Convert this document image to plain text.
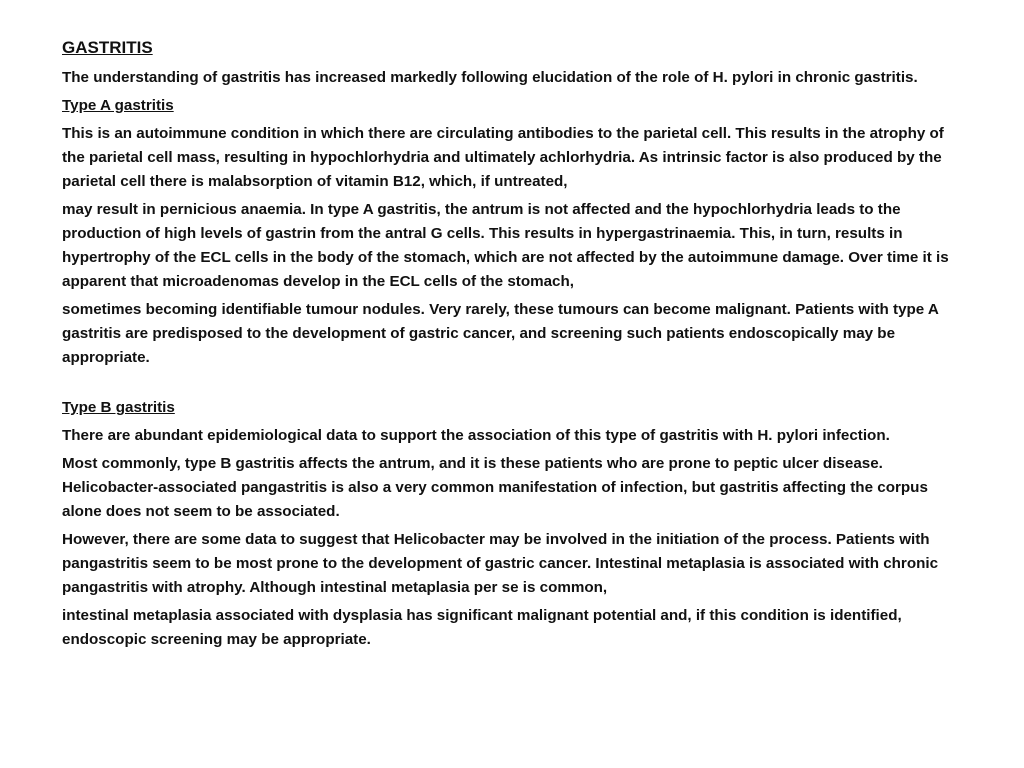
GASTRITIS

The understanding of gastritis has increased markedly following elucidation of the role of H. pylori in chronic gastritis.

Type A gastritis

This is an autoimmune condition in which there are circulating antibodies to the parietal cell. This results in the atrophy of the parietal cell mass, resulting in hypochlorhydria and ultimately achlorhydria. As intrinsic factor is also produced by the parietal cell there is malabsorption of vitamin B12, which, if untreated,

may result in pernicious anaemia. In type A gastritis, the antrum is not affected and the hypochlorhydria leads to the production of high levels of gastrin from the antral G cells. This results in hypergastrinaemia. This, in turn, results in hypertrophy of the ECL cells in the body of the stomach, which are not affected by the autoimmune damage. Over time it is apparent that microadenomas develop in the ECL cells of the stomach,

sometimes becoming identifiable tumour nodules. Very rarely, these tumours can become malignant. Patients with type A gastritis are predisposed to the development of gastric cancer, and screening such patients endoscopically may be appropriate.

Type B gastritis

There are abundant epidemiological data to support the association of this type of gastritis with H. pylori infection.

Most commonly, type B gastritis affects the antrum, and it is these patients who are prone to peptic ulcer disease. Helicobacter-associated pangastritis is also a very common manifestation of infection, but gastritis affecting the corpus alone does not seem to be associated.

However, there are some data to suggest that Helicobacter may be involved in the initiation of the process. Patients with pangastritis seem to be most prone to the development of gastric cancer. Intestinal metaplasia is associated with chronic pangastritis with atrophy. Although intestinal metaplasia per se is common,

intestinal metaplasia associated with dysplasia has significant malignant potential and, if this condition is identified, endoscopic screening may be appropriate.
